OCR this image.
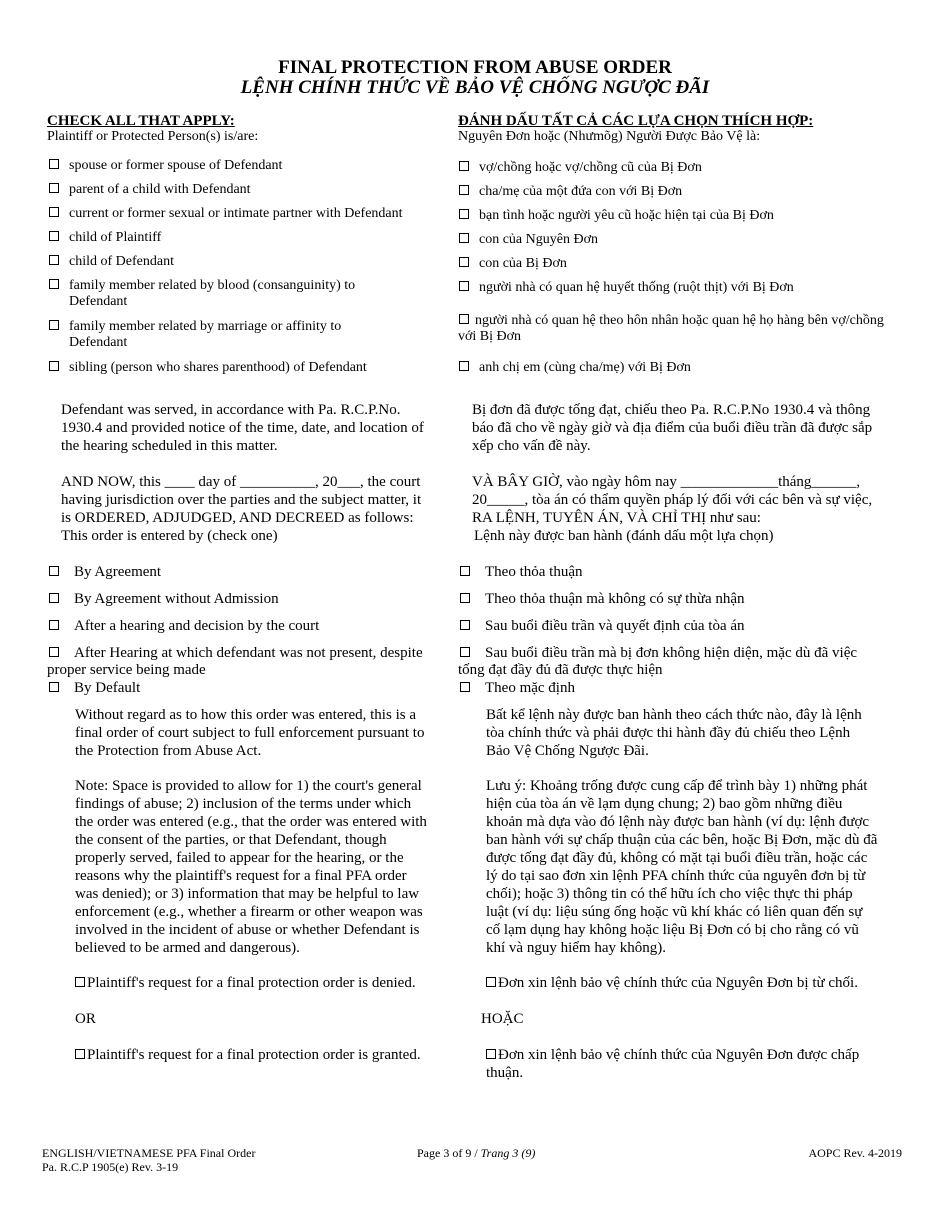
FINAL PROTECTION FROM ABUSE ORDER
LỆNH CHÍNH THỨC VỀ BẢO VỆ CHỐNG NGƯỢC ĐÃI
CHECK ALL THAT APPLY:
Plaintiff or Protected Person(s) is/are:
spouse or former spouse of Defendant
parent of a child with Defendant
current or former sexual or intimate partner with Defendant
child of Plaintiff
child of Defendant
family member related by blood (consanguinity) to
Defendant
family member related by marriage or affinity to
Defendant
sibling (person who shares parenthood) of Defendant
Defendant was served, in accordance with Pa. R.C.P.No.
1930.4 and provided notice of the time, date, and location of
the hearing scheduled in this matter.
AND NOW, this ____ day of __________, 20___, the court
having jurisdiction over the parties and the subject matter, it
is ORDERED, ADJUDGED, AND DECREED as follows:
This order is entered by (check one)
By Agreement
By Agreement without Admission
After a hearing and decision by the court
After Hearing at which defendant was not present, despite
proper service being made
By Default
Without regard as to how this order was entered, this is a
final order of court subject to full enforcement pursuant to
the Protection from Abuse Act.
Note: Space is provided to allow for 1) the court's general
findings of abuse; 2) inclusion of the terms under which
the order was entered (e.g., that the order was entered with
the consent of the parties, or that Defendant, though
properly served, failed to appear for the hearing, or the
reasons why the plaintiff's request for a final PFA order
was denied); or 3) information that may be helpful to law
enforcement (e.g., whether a firearm or other weapon was
involved in the incident of abuse or whether Defendant is
believed to be armed and dangerous).
Plaintiff's request for a final protection order is denied.
OR
Plaintiff's request for a final protection order is granted.
ĐÁNH DẤU TẤT CẢ CÁC LỰA CHỌN THÍCH HỢP:
Nguyên Đơn hoặc (Nhưmõg) Người Được Bảo Vệ là:
vợ/chồng hoặc vợ/chồng cũ của Bị Đơn
cha/mẹ của một đứa con với Bị Đơn
bạn tình hoặc người yêu cũ hoặc hiện tại của Bị Đơn
con của Nguyên Đơn
con của Bị Đơn
người nhà có quan hệ huyết thống (ruột thịt) với Bị Đơn
người nhà có quan hệ theo hôn nhân hoặc quan hệ họ hàng bên vợ/chồng
với Bị Đơn
anh chị em (cùng cha/mẹ) với Bị Đơn
Bị đơn đã được tống đạt, chiếu theo Pa. R.C.P.No 1930.4 và thông
báo đã cho về ngày giờ và địa điểm của buổi điều trần đã được sắp
xếp cho vấn đề này.
VÀ BÂY GIỜ, vào ngày hôm nay _____________tháng______,
20_____, tòa án có thẩm quyền pháp lý đối với các bên và sự việc,
RA LỆNH, TUYÊN ÁN, VÀ CHỈ THỊ như sau:
Lệnh này được ban hành (đánh dấu một lựa chọn)
Theo thỏa thuận
Theo thỏa thuận mà không có sự thừa nhận
Sau buổi điều trần và quyết định của tòa án
Sau buổi điều trần mà bị đơn không hiện diện, mặc dù đã việc
tống đạt đầy đủ đã được thực hiện
Theo mặc định
Bất kể lệnh này được ban hành theo cách thức nào, đây là lệnh
tòa chính thức và phải được thi hành đầy đủ chiếu theo Lệnh
Bảo Vệ Chống Ngược Đãi.
Lưu ý: Khoảng trống được cung cấp để trình bày 1) những phát
hiện của tòa án về lạm dụng chung; 2) bao gồm những điều
khoản mà dựa vào đó lệnh này được ban hành (ví dụ: lệnh được
ban hành với sự chấp thuận của các bên, hoặc Bị Đơn, mặc dù đã
được tống đạt đầy đủ, không có mặt tại buổi điều trần, hoặc các
lý do tại sao đơn xin lệnh PFA chính thức của nguyên đơn bị từ
chối); hoặc 3) thông tin có thể hữu ích cho việc thực thi pháp
luật (ví dụ: liệu súng ống hoặc vũ khí khác có liên quan đến sự
cố lạm dụng hay không hoặc liệu Bị Đơn có bị cho rằng có vũ
khí và nguy hiểm hay không).
Đơn xin lệnh bảo vệ chính thức của Nguyên Đơn bị từ chối.
HOẶC
Đơn xin lệnh bảo vệ chính thức của Nguyên Đơn được chấp
thuận.
ENGLISH/VIETNAMESE PFA Final Order
Pa. R.C.P 1905(e) Rev. 3-19
Page 3 of 9 / Trang 3 (9)	AOPC Rev. 4-2019
